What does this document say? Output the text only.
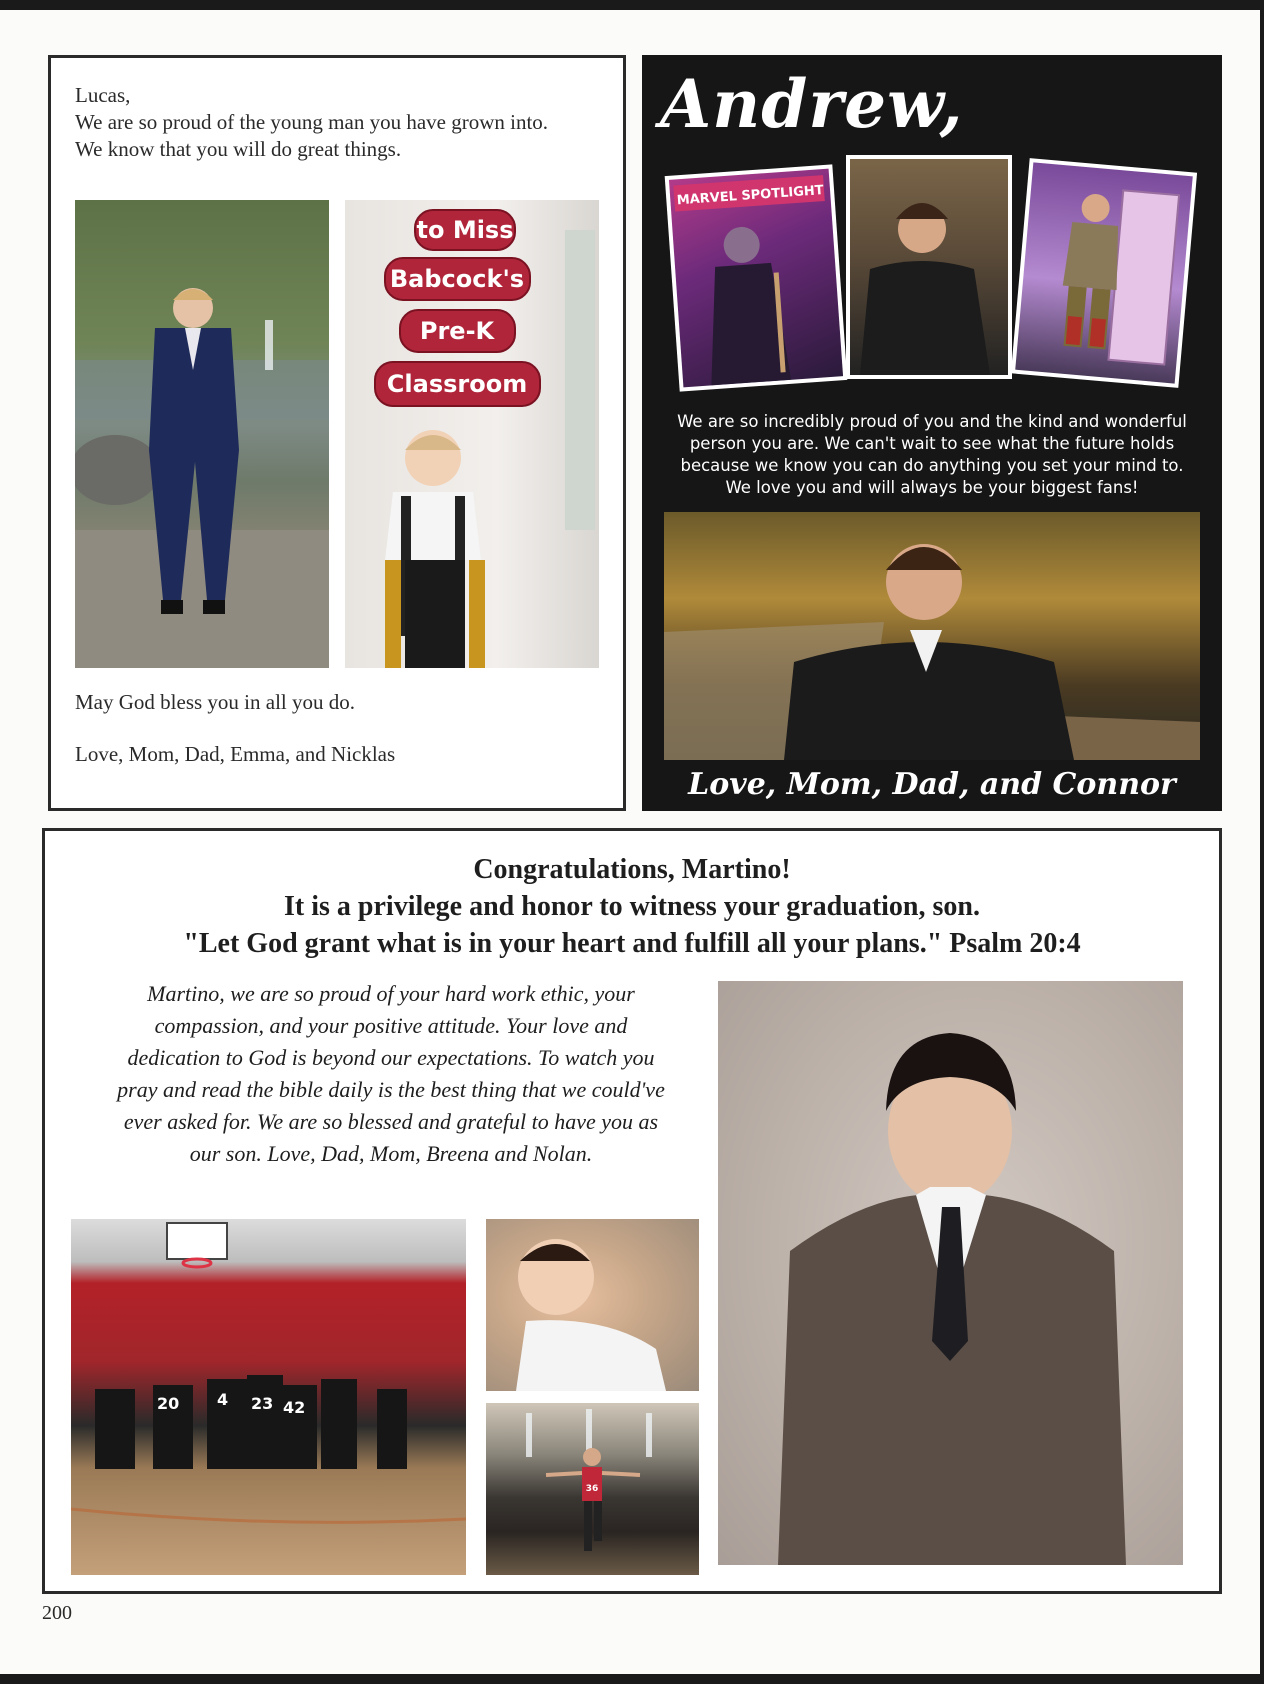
Lucas,
We are so proud of the young man you have grown into.
We know that you will do great things.
to Miss
Babcock's
Pre-K
Classroom
May God bless you in all you do.
Love, Mom, Dad, Emma, and Nicklas
Andrew,
MARVEL SPOTLIGHT
We are so incredibly proud of you and the kind and wonderful
person you are. We can't wait to see what the future holds
because we know you can do anything you set your mind to.
We love you and will always be your biggest fans!
Love, Mom, Dad, and Connor
Congratulations, Martino!
It is a privilege and honor to witness your graduation, son.
"Let God grant what is in your heart and fulfill all your plans." Psalm 20:4
Martino, we are so proud of your hard work ethic, your
compassion, and your positive attitude. Your love and
dedication to God is beyond our expectations. To watch you
pray and read the bible daily is the best thing that we could've
ever asked for. We are so blessed and grateful to have you as
our son. Love, Dad, Mom, Breena and Nolan.
20 4 23 42
36
200
